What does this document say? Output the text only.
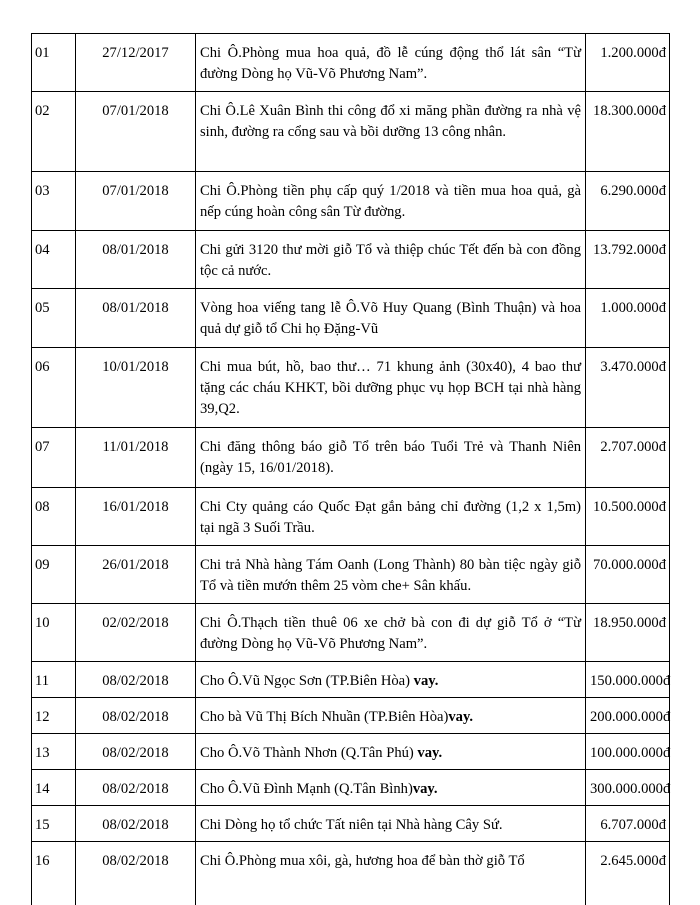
01	27/12/2017	Chi Ô.Phòng mua hoa quả, đồ lễ cúng động thổ lát sân “Từ đường Dòng họ Vũ-Võ Phương Nam”.	1.200.000đ
02	07/01/2018	Chi Ô.Lê Xuân Bình thi công đổ xi măng phần đường ra nhà vệ sinh, đường ra cổng sau và bồi dưỡng 13 công nhân.	18.300.000đ
03	07/01/2018	Chi Ô.Phòng tiền phụ cấp quý 1/2018 và tiền mua hoa quả, gà nếp cúng hoàn công sân Từ đường.	6.290.000đ
04	08/01/2018	Chi gửi 3120 thư mời giỗ Tổ và thiệp chúc Tết đến bà con đồng tộc cả nước.	13.792.000đ
05	08/01/2018	Vòng hoa viếng tang lễ Ô.Võ Huy Quang (Bình Thuận) và hoa quả dự giỗ tổ Chi họ Đặng-Vũ	1.000.000đ
06	10/01/2018	Chi mua bút, hồ, bao thư… 71 khung ảnh (30x40), 4 bao thư tặng các cháu KHKT, bồi dưỡng phục vụ họp BCH tại nhà hàng 39,Q2.	3.470.000đ
07	11/01/2018	Chi đăng thông báo giỗ Tổ trên báo Tuổi Trẻ và Thanh Niên (ngày 15, 16/01/2018).	2.707.000đ
08	16/01/2018	Chi Cty quảng cáo Quốc Đạt gắn bảng chỉ đường (1,2 x 1,5m) tại ngã 3 Suối Trầu.	10.500.000đ
09	26/01/2018	Chi trả Nhà hàng Tám Oanh (Long Thành) 80 bàn tiệc ngày giỗ Tổ và tiền mướn thêm 25 vòm che+ Sân khấu.	70.000.000đ
10	02/02/2018	Chi Ô.Thạch tiền thuê 06 xe chở bà con đi dự giỗ Tổ ở “Từ đường Dòng họ Vũ-Võ Phương Nam”.	18.950.000đ
11	08/02/2018	Cho Ô.Vũ Ngọc Sơn (TP.Biên Hòa) vay.	150.000.000đ
12	08/02/2018	Cho bà Vũ Thị Bích Nhuần (TP.Biên Hòa)vay.	200.000.000đ
13	08/02/2018	Cho Ô.Võ Thành Nhơn (Q.Tân Phú) vay.	100.000.000đ
14	08/02/2018	Cho Ô.Vũ Đình Mạnh (Q.Tân Bình)vay.	300.000.000đ
15	08/02/2018	Chi Dòng họ tổ chức Tất niên tại Nhà hàng Cây Sứ.	6.707.000đ
16	08/02/2018	Chi Ô.Phòng mua xôi, gà, hương hoa để bàn thờ giỗ Tổ	2.645.000đ
